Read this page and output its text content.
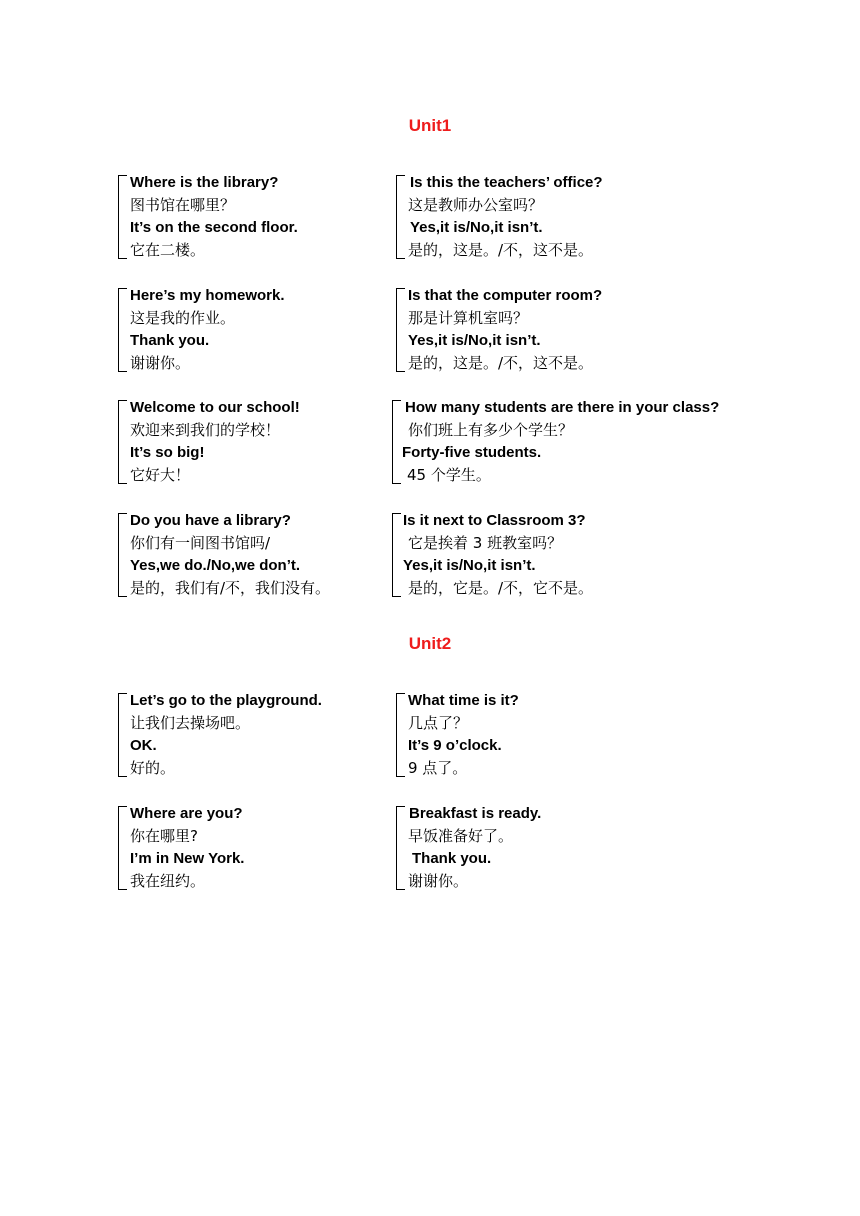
Unit1
Where is the library?
图书馆在哪里？
It’s on the second floor.
它在二楼。
Is this the teachers’ office?
这是教师办公室吗？
Yes,it is/No,it isn’t.
是的，这是。/不，这不是。
Here’s my homework.
这是我的作业。
Thank you.
谢谢你。
Is that the computer room?
那是计算机室吗？
Yes,it is/No,it isn’t.
是的，这是。/不，这不是。
Welcome to our school!
欢迎来到我们的学校！
It’s so big!
它好大！
How many students are there in your class?
你们班上有多少个学生？
Forty-five students.
45 个学生。
Do you have a library?
你们有一间图书馆吗/
Yes,we do./No,we don’t.
是的，我们有/不，我们没有。
Is it next to Classroom 3?
它是挨着 3 班教室吗？
Yes,it is/No,it isn’t.
是的，它是。/不，它不是。
Unit2
Let’s go to the playground.
让我们去操场吧。
OK.
好的。
What time is it?
几点了？
It’s 9 o’clock.
9 点了。
Where are you?
你在哪里?
I’m in New York.
我在纽约。
Breakfast is ready.
早饭准备好了。
Thank you.
谢谢你。
